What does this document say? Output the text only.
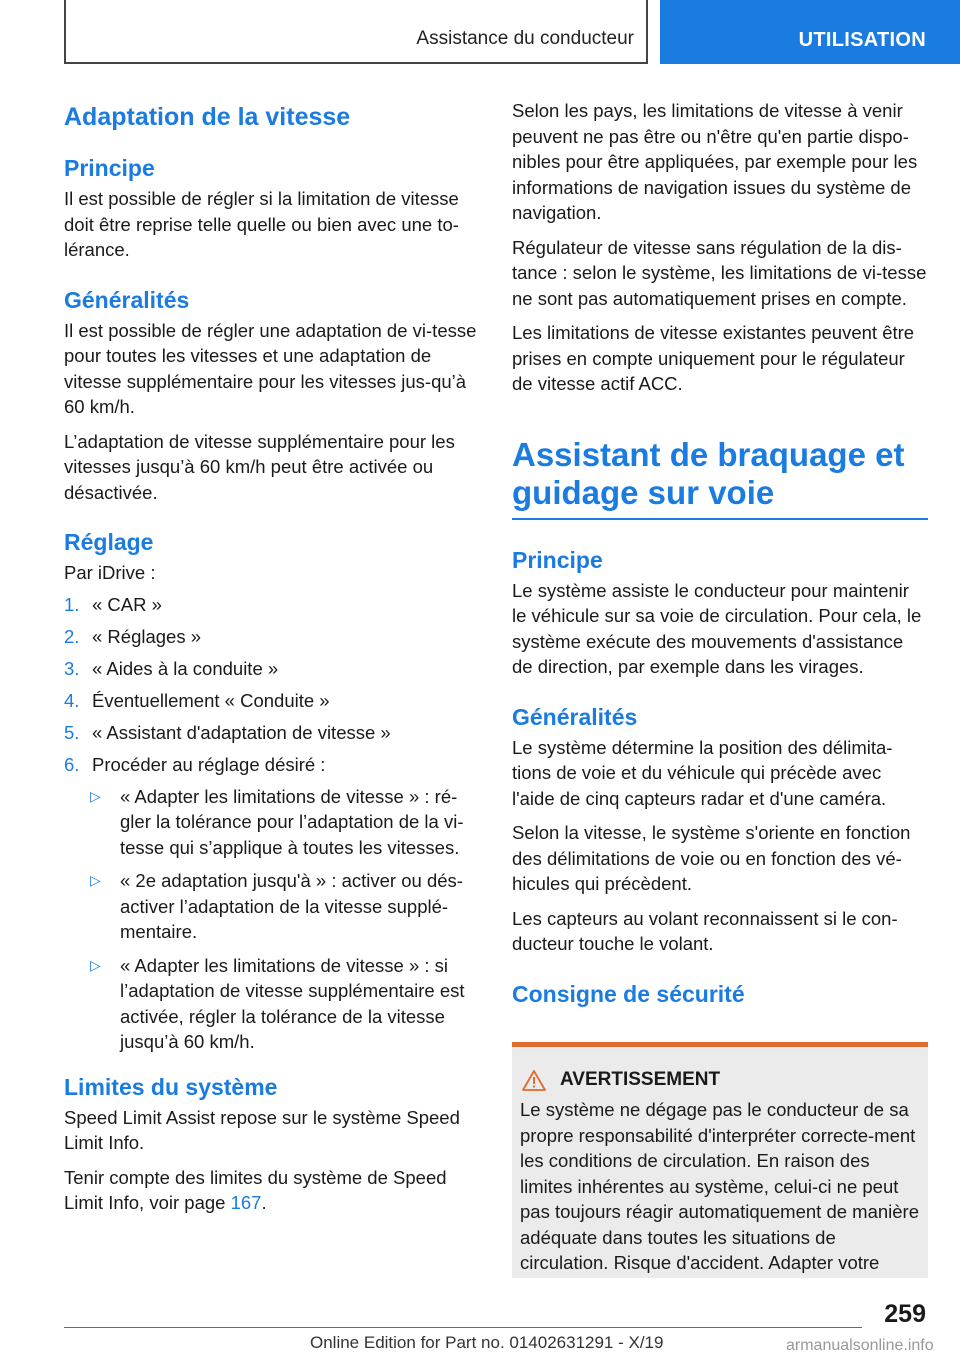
Assistance du conducteur	UTILISATION
Adaptation de la vitesse
Principe

Il est possible de régler si la limitation de vitesse doit être reprise telle quelle ou bien avec une to-lérance.

Généralités

Il est possible de régler une adaptation de vi-tesse pour toutes les vitesses et une adaptation de vitesse supplémentaire pour les vitesses jus-qu’à 60 km/h.

L’adaptation de vitesse supplémentaire pour les vitesses jusqu’à 60 km/h peut être activée ou désactivée.

Réglage

Par iDrive :

1. « CAR »
2. « Réglages »
3. « Aides à la conduite »
4. Éventuellement « Conduite »
5. « Assistant d'adaptation de vitesse »
6. Procéder au réglage désiré :
▷ « Adapter les limitations de vitesse » : ré-gler la tolérance pour l’adaptation de la vi-tesse qui s’applique à toutes les vitesses.
▷ « 2e adaptation jusqu'à » : activer ou dés-activer l’adaptation de la vitesse supplé-mentaire.
▷ « Adapter les limitations de vitesse » : si l’adaptation de vitesse supplémentaire est activée, régler la tolérance de la vitesse jusqu’à 60 km/h.
Limites du système

Speed Limit Assist repose sur le système Speed Limit Info.

Tenir compte des limites du système de Speed Limit Info, voir page 167.

Selon les pays, les limitations de vitesse à venir peuvent ne pas être ou n'être qu'en partie dispo-nibles pour être appliquées, par exemple pour les informations de navigation issues du système de navigation.

Régulateur de vitesse sans régulation de la dis-tance : selon le système, les limitations de vi-tesse ne sont pas automatiquement prises en compte.

Les limitations de vitesse existantes peuvent être prises en compte uniquement pour le régulateur de vitesse actif ACC.

Assistant de braquage et guidage sur voie
Principe

Le système assiste le conducteur pour maintenir le véhicule sur sa voie de circulation. Pour cela, le système exécute des mouvements d'assistance de direction, par exemple dans les virages.

Généralités

Le système détermine la position des délimita-tions de voie et du véhicule qui précède avec l'aide de cinq capteurs radar et d'une caméra.

Selon la vitesse, le système s'oriente en fonction des délimitations de voie ou en fonction des vé-hicules qui précèdent.

Les capteurs au volant reconnaissent si le con-ducteur touche le volant.

Consigne de sécurité
AVERTISSEMENT

Le système ne dégage pas le conducteur de sa propre responsabilité d'interpréter correcte-ment les conditions de circulation. En raison des limites inhérentes au système, celui-ci ne peut pas toujours réagir automatiquement de manière adéquate dans toutes les situations de circulation. Risque d'accident. Adapter votre

259
Online Edition for Part no. 01402631291 - X/19	armanualsonline.info
